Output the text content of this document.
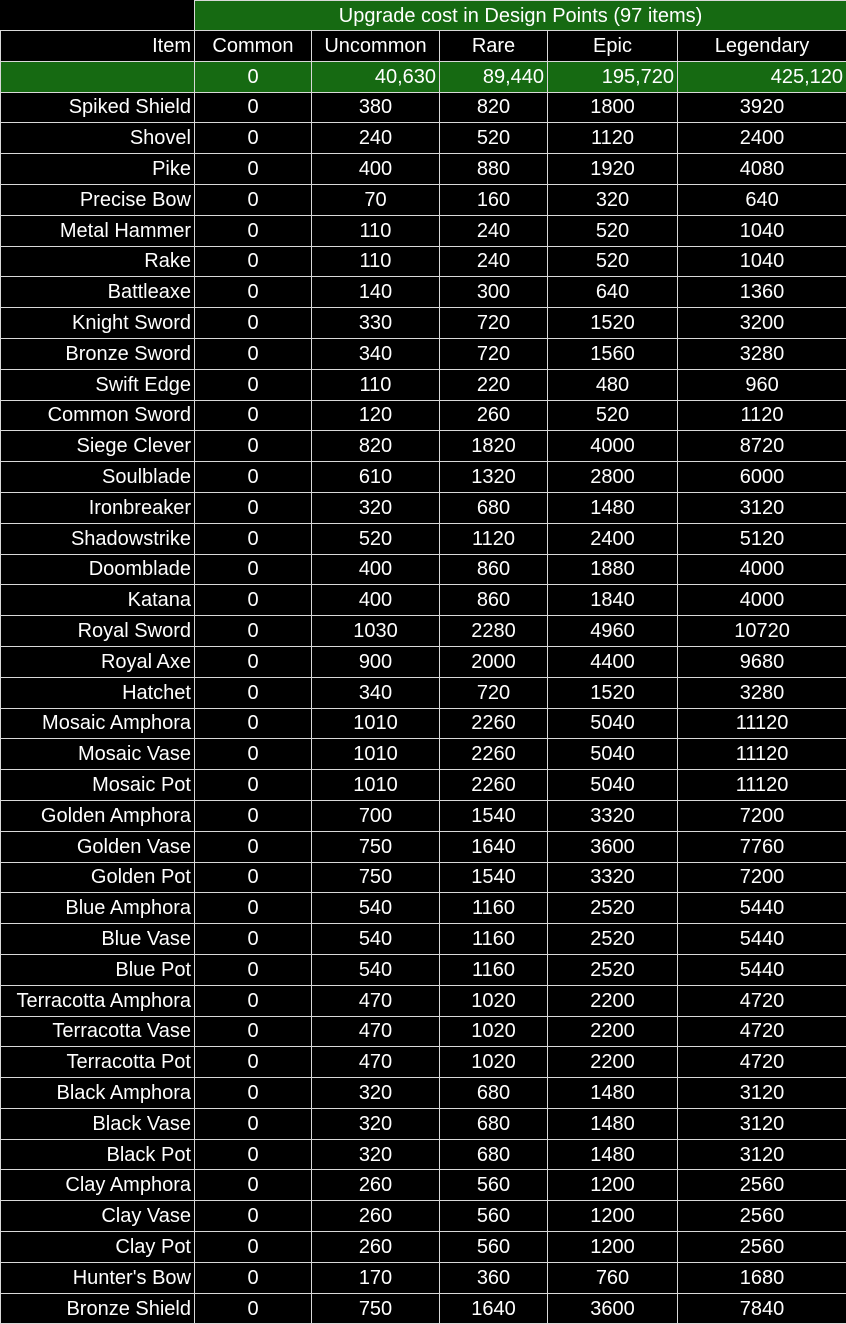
	Upgrade cost in Design Points (97 items)				
Item	Common	Uncommon	Rare	Epic	Legendary
	0	40,630	89,440	195,720	425,120
Spiked Shield	0	380	820	1800	3920
Shovel	0	240	520	1120	2400
Pike	0	400	880	1920	4080
Precise Bow	0	70	160	320	640
Metal Hammer	0	110	240	520	1040
Rake	0	110	240	520	1040
Battleaxe	0	140	300	640	1360
Knight Sword	0	330	720	1520	3200
Bronze Sword	0	340	720	1560	3280
Swift Edge	0	110	220	480	960
Common Sword	0	120	260	520	1120
Siege Clever	0	820	1820	4000	8720
Soulblade	0	610	1320	2800	6000
Ironbreaker	0	320	680	1480	3120
Shadowstrike	0	520	1120	2400	5120
Doomblade	0	400	860	1880	4000
Katana	0	400	860	1840	4000
Royal Sword	0	1030	2280	4960	10720
Royal Axe	0	900	2000	4400	9680
Hatchet	0	340	720	1520	3280
Mosaic Amphora	0	1010	2260	5040	11120
Mosaic Vase	0	1010	2260	5040	11120
Mosaic Pot	0	1010	2260	5040	11120
Golden Amphora	0	700	1540	3320	7200
Golden Vase	0	750	1640	3600	7760
Golden Pot	0	750	1540	3320	7200
Blue Amphora	0	540	1160	2520	5440
Blue Vase	0	540	1160	2520	5440
Blue Pot	0	540	1160	2520	5440
Terracotta Amphora	0	470	1020	2200	4720
Terracotta Vase	0	470	1020	2200	4720
Terracotta Pot	0	470	1020	2200	4720
Black Amphora	0	320	680	1480	3120
Black Vase	0	320	680	1480	3120
Black Pot	0	320	680	1480	3120
Clay Amphora	0	260	560	1200	2560
Clay Vase	0	260	560	1200	2560
Clay Pot	0	260	560	1200	2560
Hunter's Bow	0	170	360	760	1680
Bronze Shield	0	750	1640	3600	7840
